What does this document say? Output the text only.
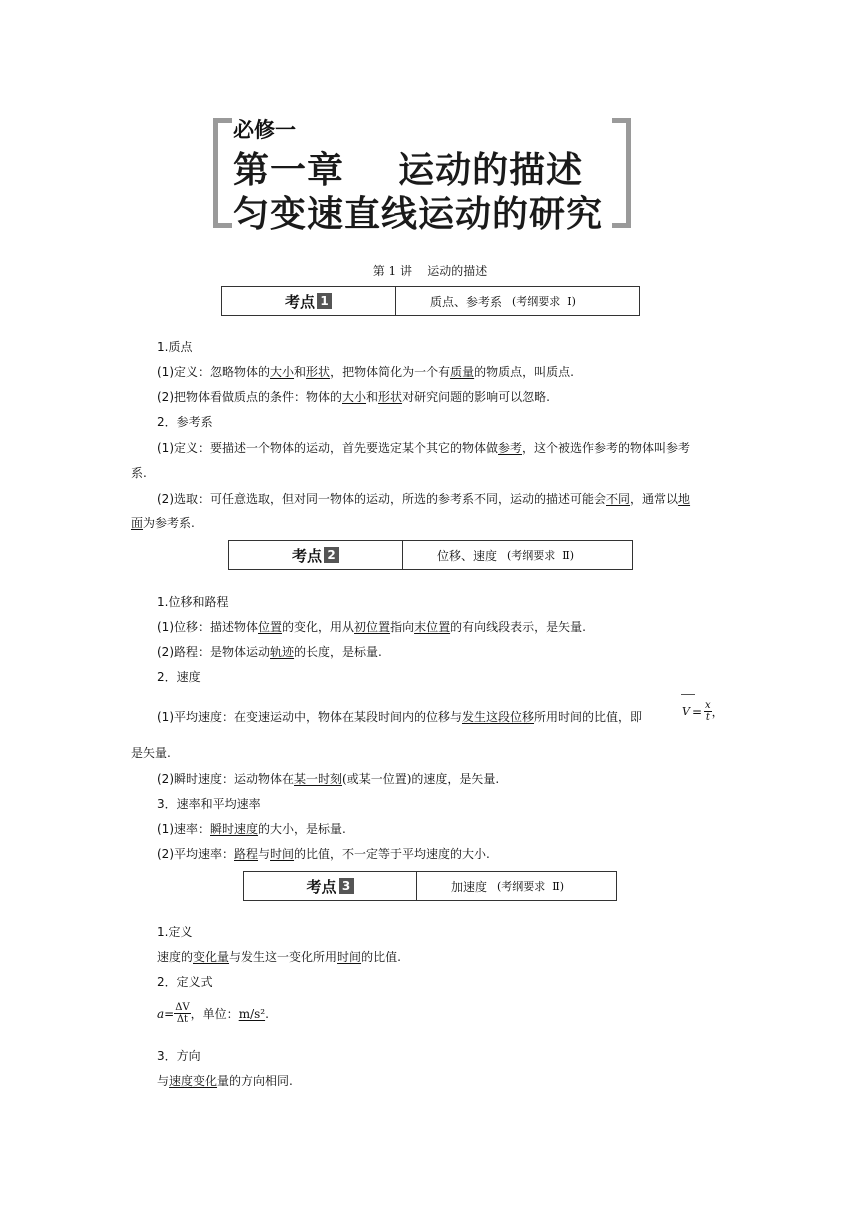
必修一
第一章    运动的描述
匀变速直线运动的研究
第 1 讲    运动的描述
考点 1	质点、参考系 (考纲要求  Ⅰ)
1.质点
(1)定义：忽略物体的大小和形状，把物体简化为一个有质量的物质点，叫质点.
(2)把物体看做质点的条件：物体的大小和形状对研究问题的影响可以忽略.
2．参考系
(1)定义：要描述一个物体的运动，首先要选定某个其它的物体做参考，这个被选作参考的物体叫参考
系.
(2)选取：可任意选取，但对同一物体的运动，所选的参考系不同，运动的描述可能会不同，通常以地
面为参考系.
考点 2	位移、速度 (考纲要求  Ⅱ)
1.位移和路程
(1)位移：描述物体位置的变化，用从初位置指向末位置的有向线段表示，是矢量.
(2)路程：是物体运动轨迹的长度，是标量.
2．速度
(1)平均速度：在变速运动中，物体在某段时间内的位移与发生这段位移所用时间的比值，即	$V = \frac{x}{t}$ ，
是矢量.
(2)瞬时速度：运动物体在某一时刻(或某一位置)的速度，是矢量.
3．速率和平均速率
(1)速率：瞬时速度的大小，是标量.
(2)平均速率：路程与时间的比值，不一定等于平均速度的大小.
考点 3	加速度 (考纲要求  Ⅱ)
1.定义
速度的变化量与发生这一变化所用时间的比值.
2．定义式
$a = \frac{\Delta V}{\Delta t}$ ，单位： m/s² .
3．方向
与速度变化量的方向相同.
